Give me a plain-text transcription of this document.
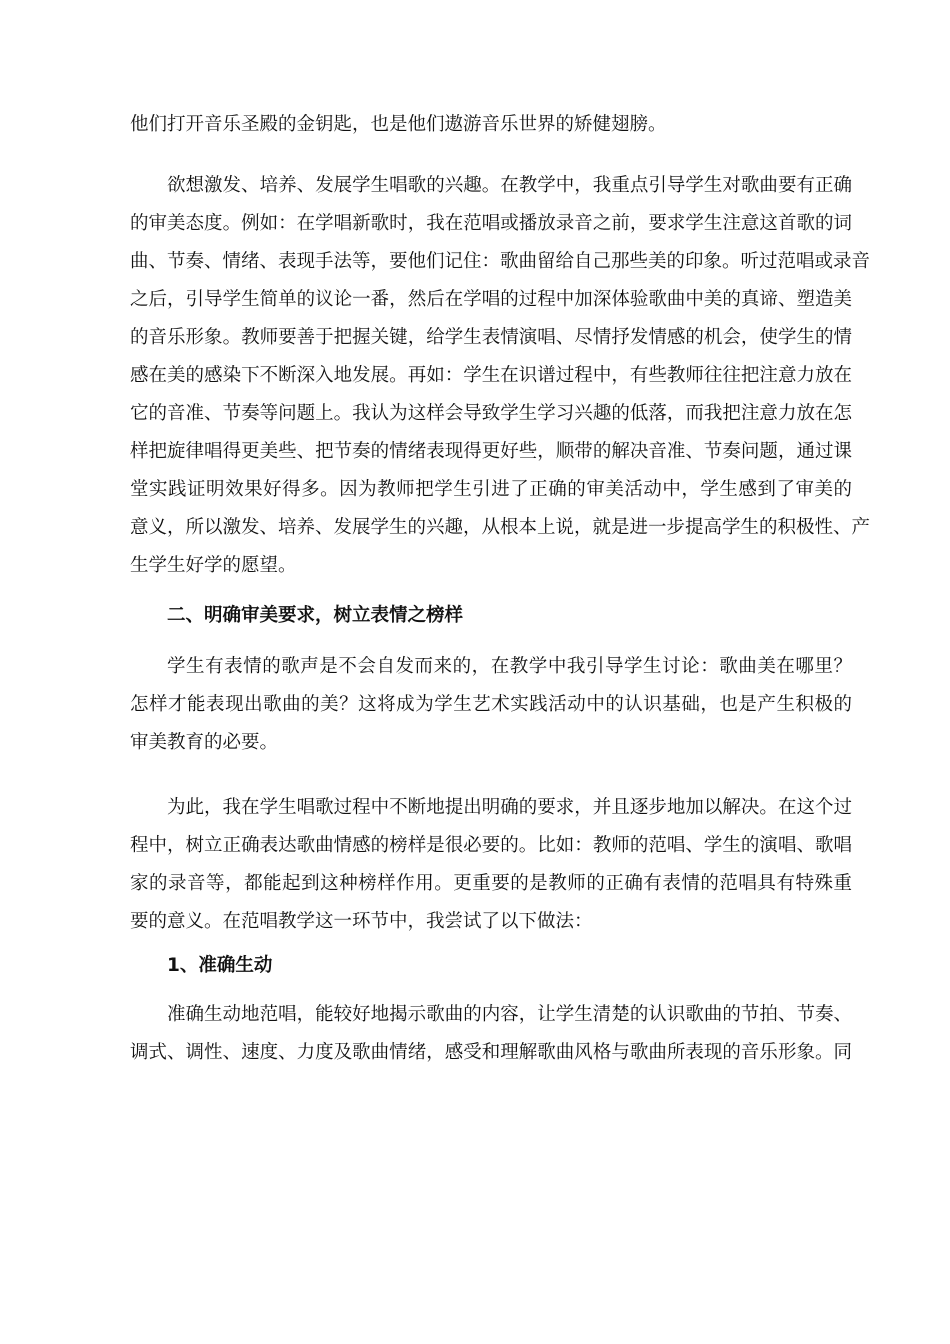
他们打开音乐圣殿的金钥匙，也是他们遨游音乐世界的矫健翅膀。
欲想激发、培养、发展学生唱歌的兴趣。在教学中，我重点引导学生对歌曲要有正确
的审美态度。例如：在学唱新歌时，我在范唱或播放录音之前，要求学生注意这首歌的词
曲、节奏、情绪、表现手法等，要他们记住：歌曲留给自己那些美的印象。听过范唱或录音
之后，引导学生简单的议论一番，然后在学唱的过程中加深体验歌曲中美的真谛、塑造美
的音乐形象。教师要善于把握关键，给学生表情演唱、尽情抒发情感的机会，使学生的情
感在美的感染下不断深入地发展。再如：学生在识谱过程中，有些教师往往把注意力放在
它的音准、节奏等问题上。我认为这样会导致学生学习兴趣的低落，而我把注意力放在怎
样把旋律唱得更美些、把节奏的情绪表现得更好些，顺带的解决音准、节奏问题，通过课
堂实践证明效果好得多。因为教师把学生引进了正确的审美活动中，学生感到了审美的
意义，所以激发、培养、发展学生的兴趣，从根本上说，就是进一步提高学生的积极性、产
生学生好学的愿望。
二、明确审美要求，树立表情之榜样
学生有表情的歌声是不会自发而来的，在教学中我引导学生讨论：歌曲美在哪里？
怎样才能表现出歌曲的美？这将成为学生艺术实践活动中的认识基础，也是产生积极的
审美教育的必要。
为此，我在学生唱歌过程中不断地提出明确的要求，并且逐步地加以解决。在这个过
程中，树立正确表达歌曲情感的榜样是很必要的。比如：教师的范唱、学生的演唱、歌唱
家的录音等，都能起到这种榜样作用。更重要的是教师的正确有表情的范唱具有特殊重
要的意义。在范唱教学这一环节中，我尝试了以下做法：
1、准确生动
准确生动地范唱，能较好地揭示歌曲的内容，让学生清楚的认识歌曲的节拍、节奏、
调式、调性、速度、力度及歌曲情绪，感受和理解歌曲风格与歌曲所表现的音乐形象。同
